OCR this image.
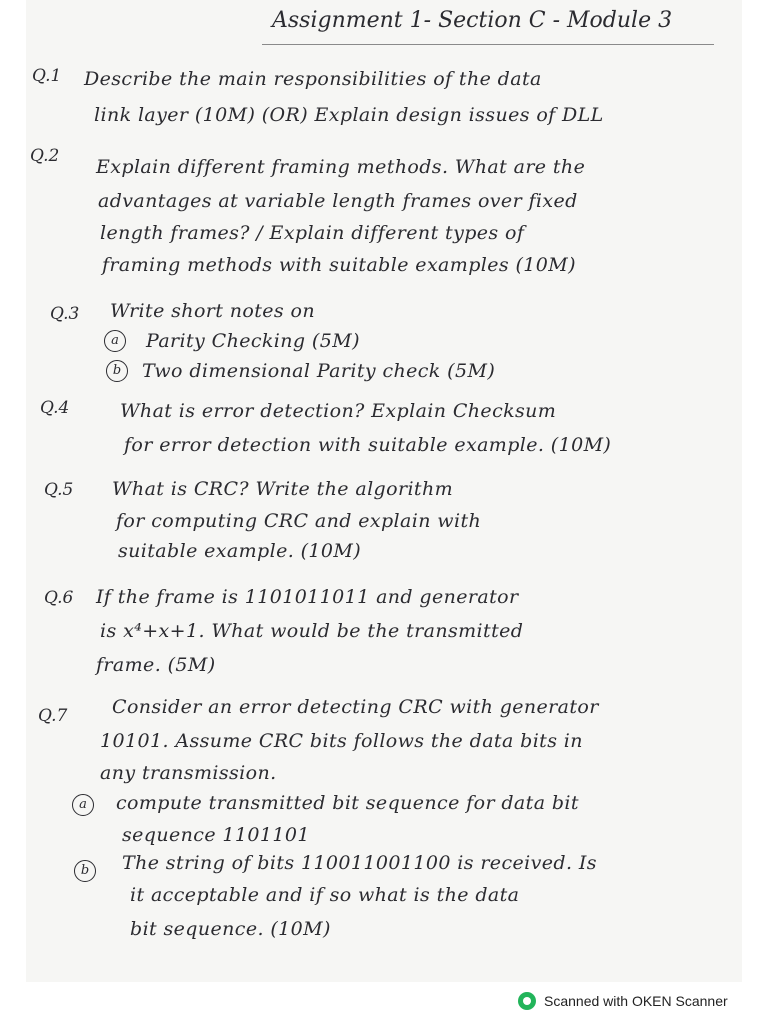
Assignment 1- Section C - Module 3
Q.1 Describe the main responsibilities of the data
link layer (10M) (OR) Explain design issues of DLL
Q.2 Explain different framing methods. What are the
advantages at variable length frames over fixed
length frames? / Explain different types of
framing methods with suitable examples (10M)
Q.3 Write short notes on
a	Parity Checking (5M)
b	Two dimensional Parity check (5M)
Q.4	What is error detection? Explain Checksum
for error detection with suitable example. (10M)
Q.5 What is CRC? Write the algorithm
for computing CRC and explain with
suitable example. (10M)
Q.6 If the frame is 1101011011 and generator
is x⁴+x+1. What would be the transmitted
frame. (5M)
Q.7 Consider an error detecting CRC with generator
10101. Assume CRC bits follows the data bits in
any transmission.
a	compute transmitted bit sequence for data bit
sequence 1101101
b	The string of bits 110011001100 is received. Is
it acceptable and if so what is the data
bit sequence. (10M)
Scanned with OKEN Scanner
